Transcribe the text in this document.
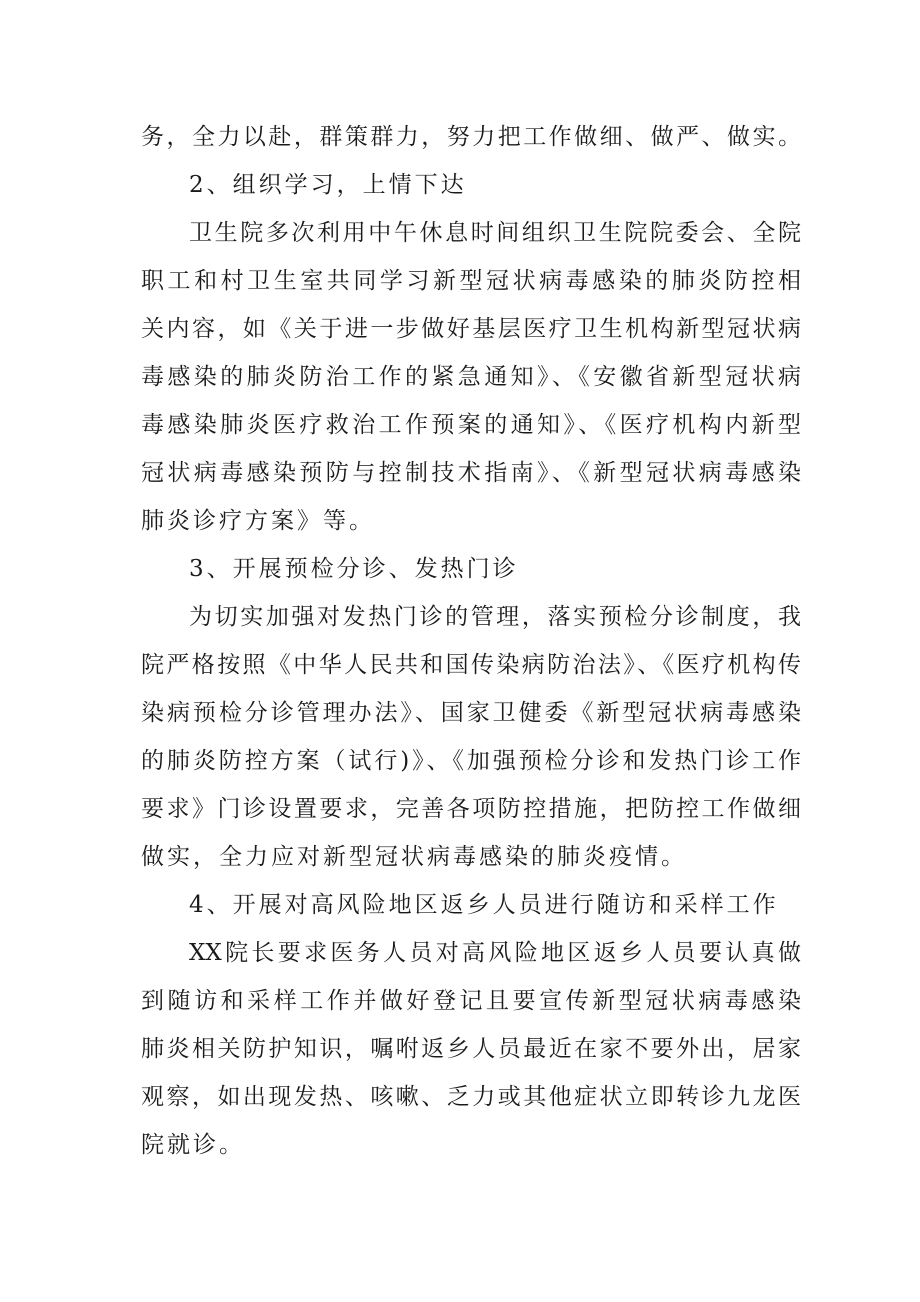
务，全力以赴，群策群力，努力把工作做细、做严、做实。
2、组织学习，上情下达
卫生院多次利用中午休息时间组织卫生院院委会、全院
职工和村卫生室共同学习新型冠状病毒感染的肺炎防控相
关内容，如《关于进一步做好基层医疗卫生机构新型冠状病
毒感染的肺炎防治工作的紧急通知》、《安徽省新型冠状病
毒感染肺炎医疗救治工作预案的通知》、《医疗机构内新型
冠状病毒感染预防与控制技术指南》、《新型冠状病毒感染
肺炎诊疗方案》等。
3、开展预检分诊、发热门诊
为切实加强对发热门诊的管理，落实预检分诊制度，我
院严格按照《中华人民共和国传染病防治法》、《医疗机构传
染病预检分诊管理办法》、国家卫健委《新型冠状病毒感染
的肺炎防控方案（试行)》、《加强预检分诊和发热门诊工作
要求》门诊设置要求，完善各项防控措施，把防控工作做细
做实，全力应对新型冠状病毒感染的肺炎疫情。
4、开展对高风险地区返乡人员进行随访和采样工作
XX院长要求医务人员对高风险地区返乡人员要认真做
到随访和采样工作并做好登记且要宣传新型冠状病毒感染
肺炎相关防护知识，嘱咐返乡人员最近在家不要外出，居家
观察，如出现发热、咳嗽、乏力或其他症状立即转诊九龙医
院就诊。
